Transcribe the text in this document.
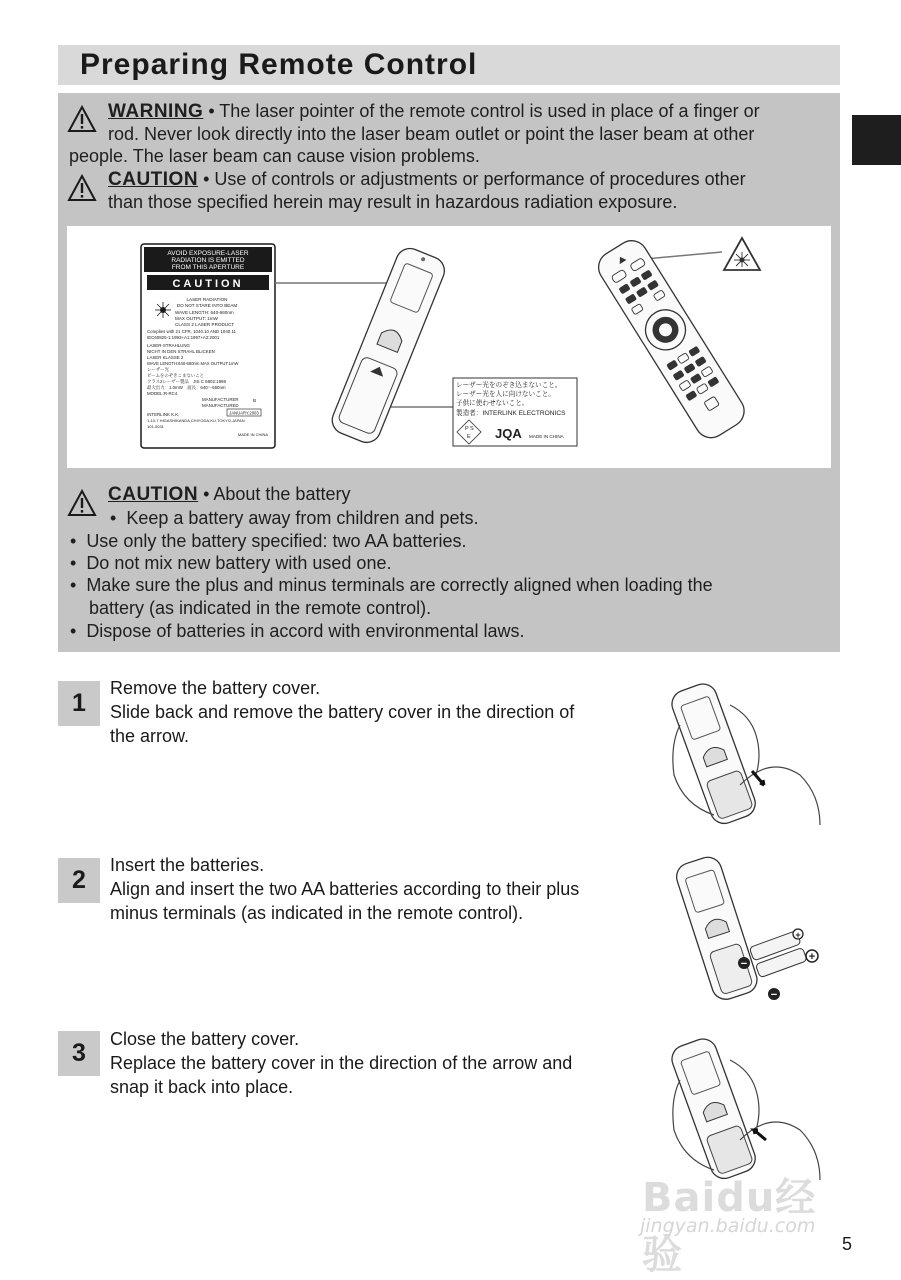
Preparing Remote Control
WARNING • The laser pointer of the remote control is used in place of a finger or
rod. Never look directly into the laser beam outlet or point the laser beam at other
people. The laser beam can cause vision problems.
CAUTION • Use of controls or adjustments or performance of procedures other
than those specified herein may result in hazardous radiation exposure.
AVOID EXPOSURE-LASER
RADIATION IS EMITTED
FROM THIS APERTURE
CAUTION
LASER RADIATION
DO NOT STARE INTO BEAM
WAVE LENGTH: 640-660nm
MAX OUTPUT: 1mW
CLASS 2 LASER PRODUCT
Complies with 21 CFR, 1040.10 AND 1040.11
IEC60825-1:1993+A1:1997+A2:2001
LASER-STRAHLUNG
NICHT IN DEN STRAHL BLICKEN
LASER KLASSE 2
WAVE LENGTH:640-660nm MAX OUTPUT:1mW
レーザー光
ビームをのぞきこまないこと
クラス2レーザー製品　JIS C 6802:1998
最大出力：1.0mW　波長：640〜660nm
MODEL:R-RC4
MANUFACTURER
MANUFACTURED
B
JANUARY.2003
INTERLINK K.K.
1-10-7 HIGASHIKANDA CHIYODA-KU,TOKYO,JAPAN
101-0031
MADE IN CHINA
レーザー光をのぞき込まないこと。
レーザー光を人に向けないこと。
子供に使わせないこと。
製造者：INTERLINK ELECTRONICS
P S
E JQA MADE IN CHINA
CAUTION • About the battery
•  Keep a battery away from children and pets.
•  Use only the battery specified: two AA batteries.
•  Do not mix new battery with used one.
•  Make sure the plus and minus terminals are correctly aligned when loading the
battery (as indicated in the remote control).
•  Dispose of batteries in accord with environmental laws.
1
Remove the battery cover.
Slide back and remove the battery cover in the direction of
the arrow.
2
Insert the batteries.
Align and insert the two AA batteries according to their plus
minus terminals (as indicated in the remote control).
−
+
−
+
3	Close the battery cover.
Replace the battery cover in the direction of the arrow and
snap it back into place.
Baidu经验
jingyan.baidu.com
5
